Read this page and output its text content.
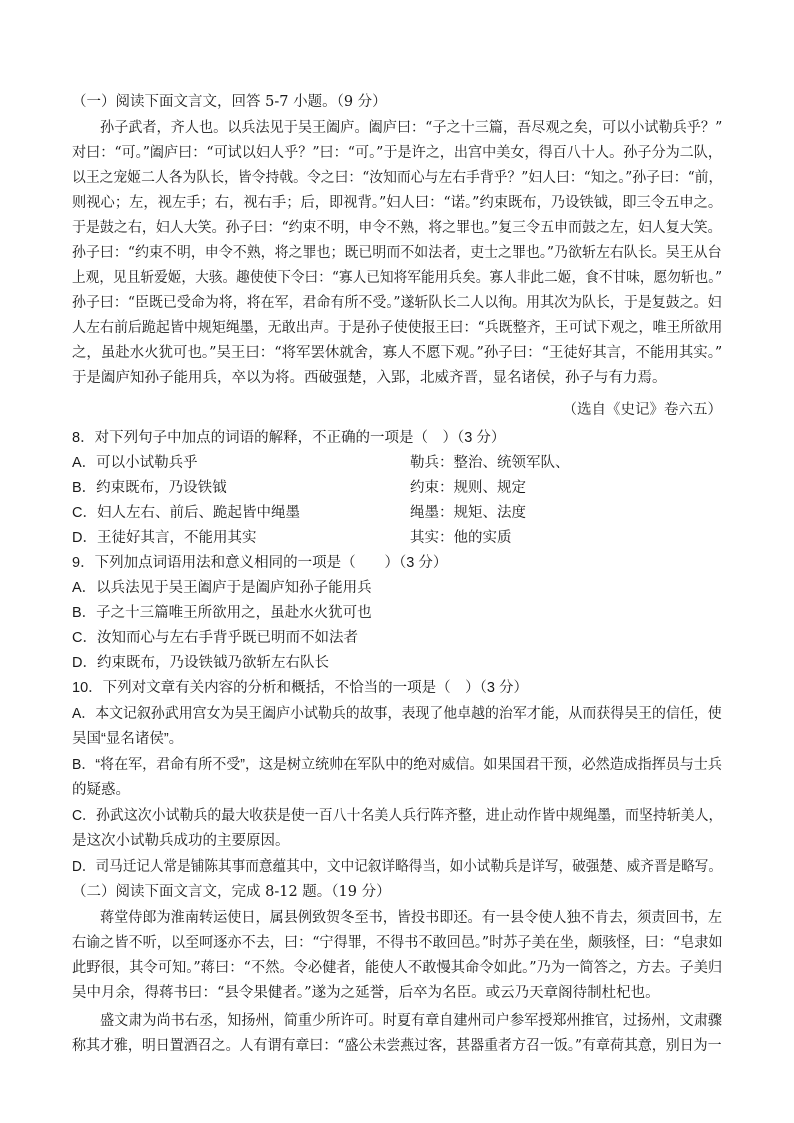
（一）阅读下面文言文，回答 5-7 小题。（9 分）
孙子武者，齐人也。以兵法见于吴王阖庐。阖庐曰：“子之十三篇，吾尽观之矣，可以小试勒兵乎？”
对曰：“可。”阖庐曰：“可试以妇人乎？”曰：“可。”于是许之，出宫中美女，得百八十人。孙子分为二队，
以王之宠姬二人各为队长，皆令持戟。令之曰：“汝知而心与左右手背乎？”妇人曰：“知之。”孙子曰：“前，
则视心；左，视左手；右，视右手；后，即视背。”妇人曰：“诺。”约束既布，乃设铁钺，即三令五申之。
于是鼓之右，妇人大笑。孙子曰：“约束不明，申令不熟，将之罪也。”复三令五申而鼓之左，妇人复大笑。
孙子曰：“约束不明，申令不熟，将之罪也；既已明而不如法者，吏士之罪也。”乃欲斩左右队长。吴王从台
上观，见且斩爱姬，大骇。趣使使下令曰：“寡人已知将军能用兵矣。寡人非此二姬，食不甘味，愿勿斩也。”
孙子曰：“臣既已受命为将，将在军，君命有所不受。”遂斩队长二人以徇。用其次为队长，于是复鼓之。妇
人左右前后跪起皆中规矩绳墨，无敢出声。于是孙子使使报王曰：“兵既整齐，王可试下观之，唯王所欲用
之，虽赴水火犹可也。”吴王曰：“将军罢休就舍，寡人不愿下观。”孙子曰：“王徒好其言，不能用其实。”
于是阖庐知孙子能用兵，卒以为将。西破强楚，入郢，北威齐晋，显名诸侯，孙子与有力焉。
（选自《史记》卷六五）
8．对下列句子中加点的词语的解释，不正确的一项是（　）（3 分）
A．可以小试勒兵乎	勒兵：整治、统领军队、
B．约束既布，乃设铁钺	约束：规则、规定
C．妇人左右、前后、跪起皆中绳墨	绳墨：规矩、法度
D．王徒好其言，不能用其实	其实：他的实质
9．下列加点词语用法和意义相同的一项是（　　）（3 分）
A．以兵法见于吴王阖庐于是阖庐知孙子能用兵
B．子之十三篇唯王所欲用之，虽赴水火犹可也
C．汝知而心与左右手背乎既已明而不如法者
D．约束既布，乃设铁钺乃欲斩左右队长
10．下列对文章有关内容的分析和概括，不恰当的一项是（　）（3 分）
A．本文记叙孙武用宫女为吴王阖庐小试勒兵的故事，表现了他卓越的治军才能，从而获得吴王的信任，使
吴国“显名诸侯”。
B．“将在军，君命有所不受”，这是树立统帅在军队中的绝对威信。如果国君干预，必然造成指挥员与士兵
的疑惑。
C．孙武这次小试勒兵的最大收获是使一百八十名美人兵行阵齐整，进止动作皆中规绳墨，而坚持斩美人，
是这次小试勒兵成功的主要原因。
D．司马迁记人常是铺陈其事而意蕴其中，文中记叙详略得当，如小试勒兵是详写，破强楚、威齐晋是略写。
（二）阅读下面文言文，完成 8-12 题。（19 分）
蒋堂侍郎为淮南转运使日，属县例致贺冬至书，皆投书即还。有一县令使人独不肯去，须责回书，左
右谕之皆不听，以至呵逐亦不去，曰：“宁得罪，不得书不敢回邑。”时苏子美在坐，颇骇怪，曰：“皂隶如
此野很，其令可知。”蒋曰：“不然。令必健者，能使人不敢慢其命令如此。”乃为一简答之，方去。子美归
吴中月余，得蒋书曰：“县令果健者。”遂为之延誉，后卒为名臣。或云乃天章阁待制杜杞也。
盛文肃为尚书右丞，知扬州，简重少所许可。时夏有章自建州司户参军授郑州推官，过扬州，文肃骤
称其才雅，明日置酒召之。人有谓有章曰：“盛公未尝燕过客，甚器重者方召一饭。”有章荷其意，别日为一
